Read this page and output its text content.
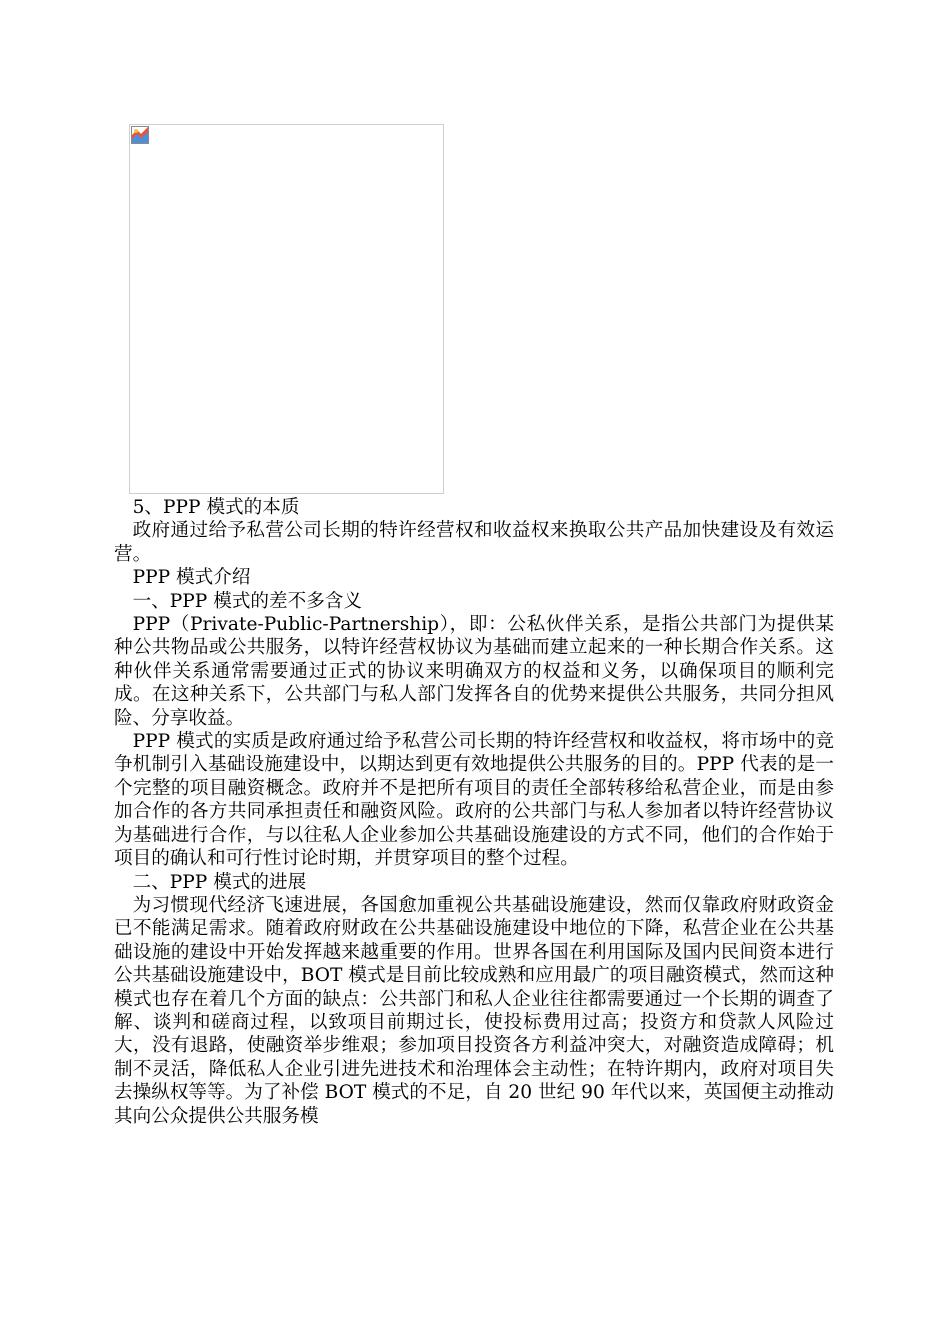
5、PPP 模式的本质

政府通过给予私营公司长期的特许经营权和收益权来换取公共产品加快建设及有效运营。

PPP 模式介绍

一、PPP 模式的差不多含义

PPP（Private-Public-Partnership），即：公私伙伴关系，是指公共部门为提供某种公共物品或公共服务，以特许经营权协议为基础而建立起来的一种长期合作关系。这种伙伴关系通常需要通过正式的协议来明确双方的权益和义务，以确保项目的顺利完成。在这种关系下，公共部门与私人部门发挥各自的优势来提供公共服务，共同分担风险、分享收益。

PPP 模式的实质是政府通过给予私营公司长期的特许经营权和收益权，将市场中的竞争机制引入基础设施建设中，以期达到更有效地提供公共服务的目的。PPP 代表的是一个完整的项目融资概念。政府并不是把所有项目的责任全部转移给私营企业，而是由参加合作的各方共同承担责任和融资风险。政府的公共部门与私人参加者以特许经营协议为基础进行合作，与以往私人企业参加公共基础设施建设的方式不同，他们的合作始于项目的确认和可行性讨论时期，并贯穿项目的整个过程。

二、PPP 模式的进展

为习惯现代经济飞速进展，各国愈加重视公共基础设施建设，然而仅靠政府财政资金已不能满足需求。随着政府财政在公共基础设施建设中地位的下降，私营企业在公共基础设施的建设中开始发挥越来越重要的作用。世界各国在利用国际及国内民间资本进行公共基础设施建设中，BOT 模式是目前比较成熟和应用最广的项目融资模式，然而这种模式也存在着几个方面的缺点：公共部门和私人企业往往都需要通过一个长期的调查了解、谈判和磋商过程，以致项目前期过长，使投标费用过高；投资方和贷款人风险过大，没有退路，使融资举步维艰；参加项目投资各方利益冲突大，对融资造成障碍；机制不灵活，降低私人企业引进先进技术和治理体会主动性；在特许期内，政府对项目失去操纵权等等。为了补偿 BOT 模式的不足，自 20 世纪 90 年代以来，英国便主动推动其向公众提供公共服务模
